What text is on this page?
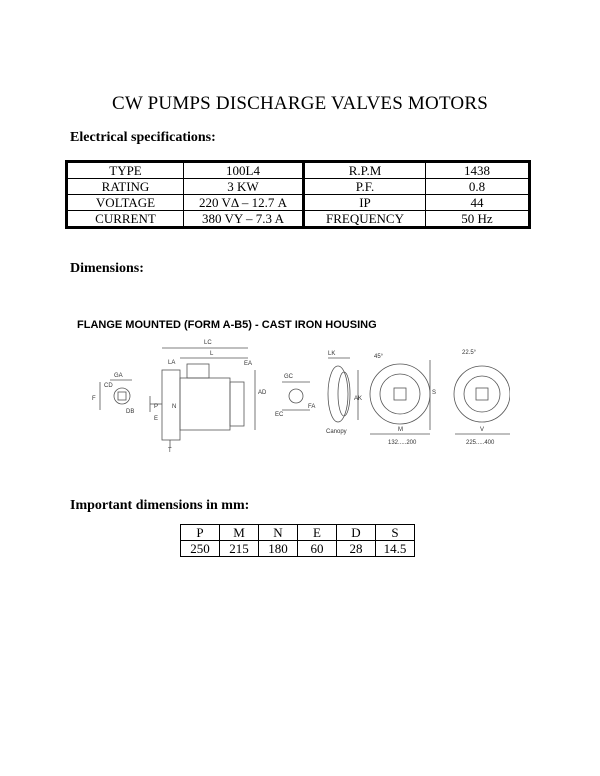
CW PUMPS DISCHARGE VALVES MOTORS
Electrical specifications:
TYPE	100L4	R.P.M	1438
RATING	3 KW	P.F.	0.8
VOLTAGE	220 VΔ – 12.7 A	IP	44
CURRENT	380 VY – 7.3 A	FREQUENCY	50 Hz
Dimensions:
FLANGE MOUNTED (FORM A-B5) - CAST IRON HOUSING
LC
L
LA	EA
GA
CD
F
DB
T
P N
E
AD
GC
EC
FA
LK
AK
Canopy
45°
S
M
132.....200
22.5°
V
225.....400
Important dimensions in mm:
P	M	N	E	D	S
250	215	180	60	28	14.5
